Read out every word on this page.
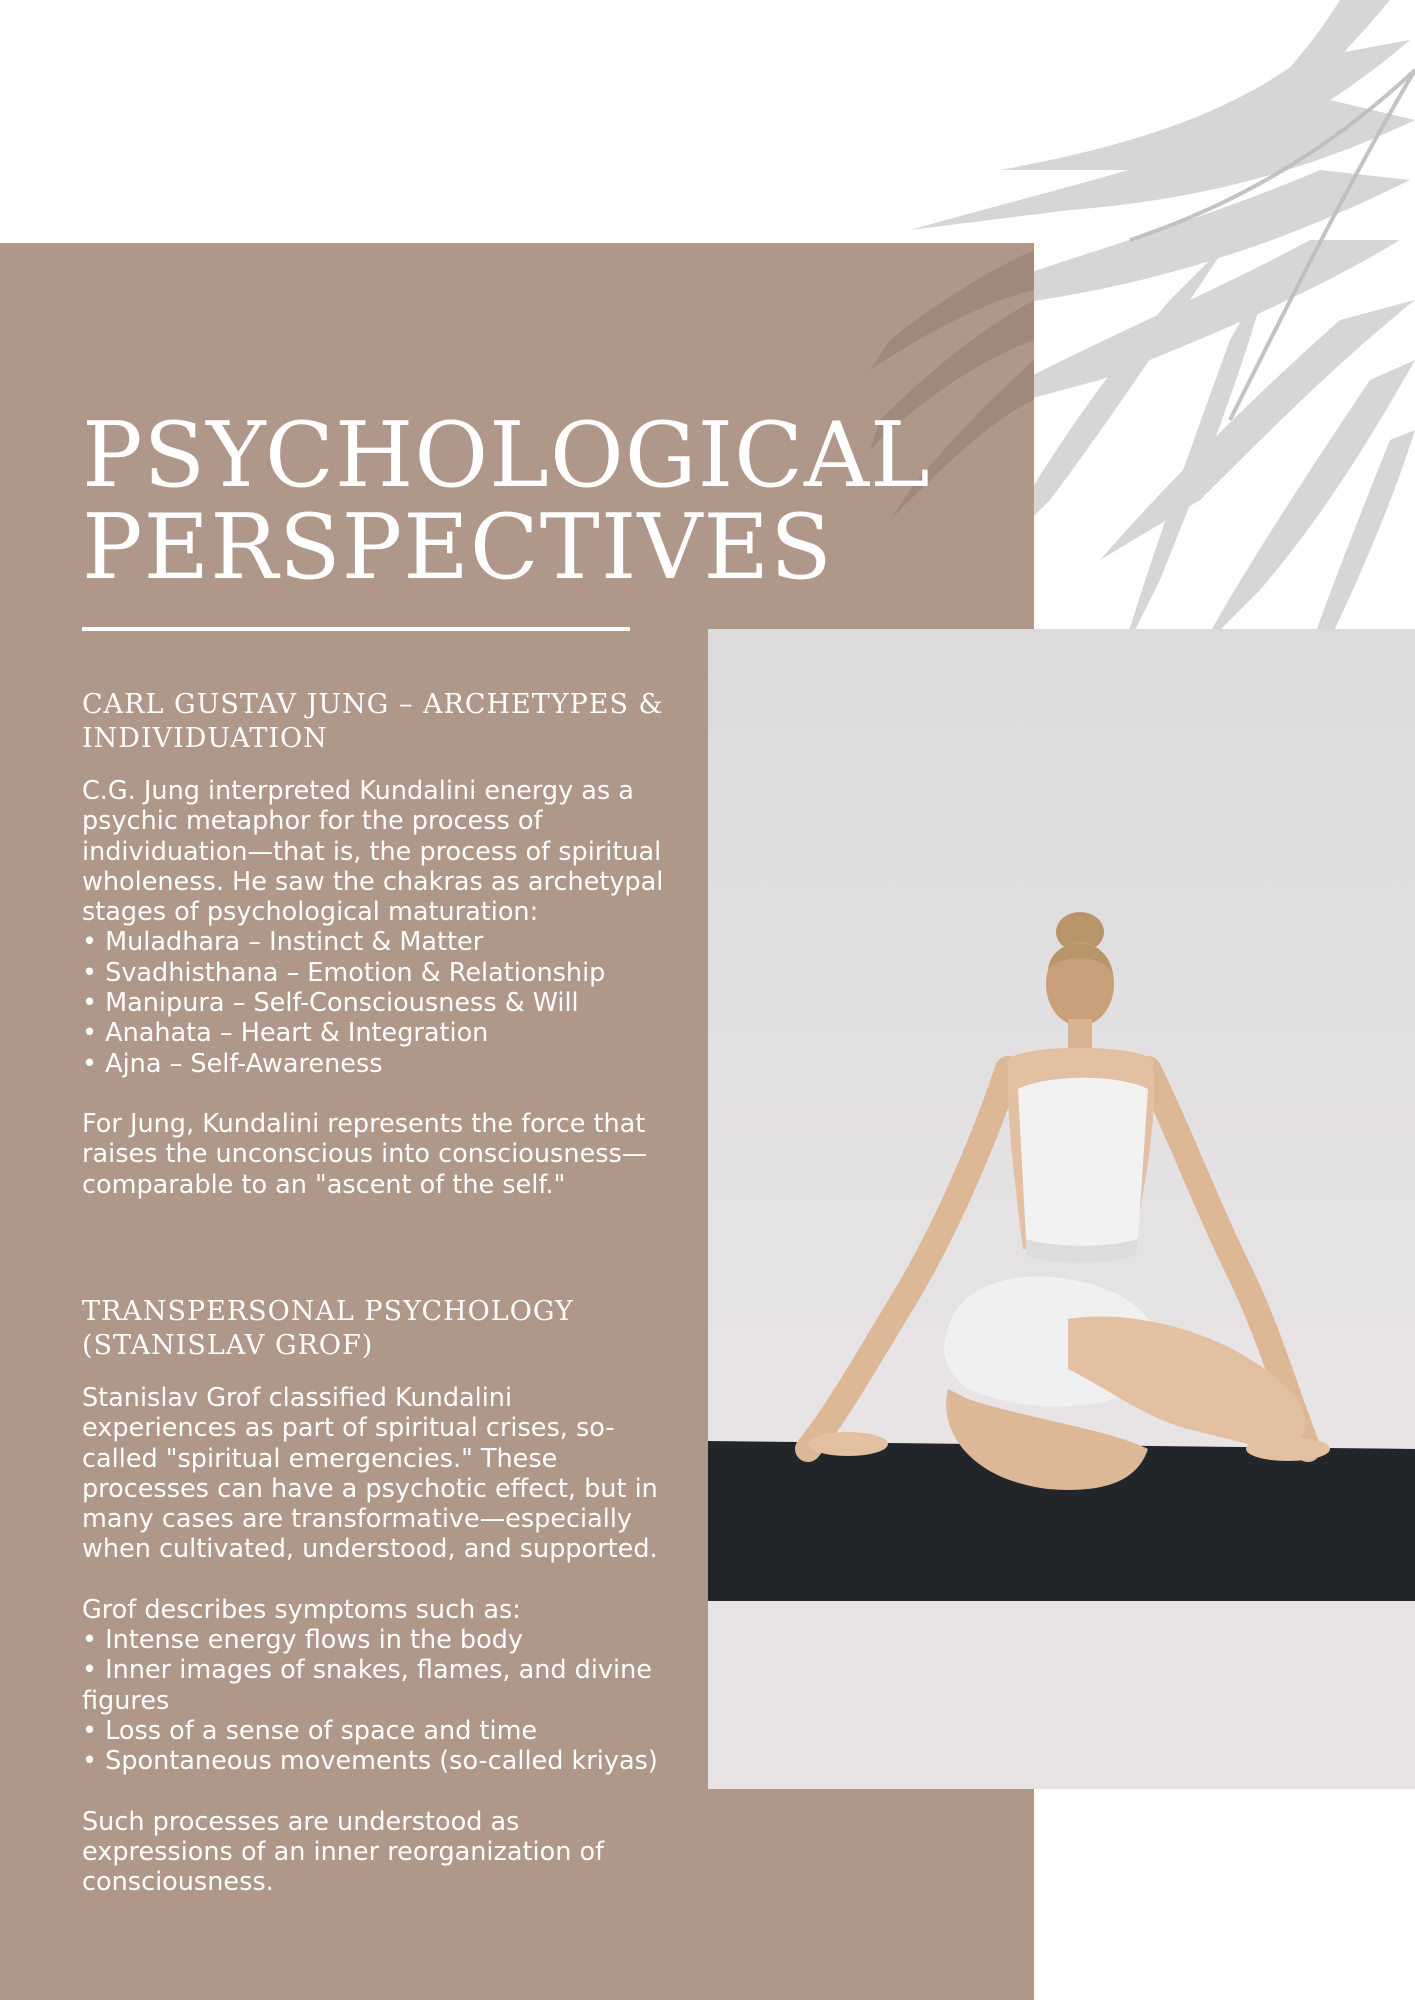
PSYCHOLOGICAL
PERSPECTIVES
CARL GUSTAV JUNG – ARCHETYPES &
INDIVIDUATION
C.G. Jung interpreted Kundalini energy as a
psychic metaphor for the process of
individuation—that is, the process of spiritual
wholeness. He saw the chakras as archetypal
stages of psychological maturation:
• Muladhara – Instinct & Matter
• Svadhisthana – Emotion & Relationship
• Manipura – Self-Consciousness & Will
• Anahata – Heart & Integration
• Ajna – Self-Awareness
For Jung, Kundalini represents the force that
raises the unconscious into consciousness—
comparable to an "ascent of the self."
TRANSPERSONAL PSYCHOLOGY
(STANISLAV GROF)
Stanislav Grof classified Kundalini
experiences as part of spiritual crises, so-
called "spiritual emergencies." These
processes can have a psychotic effect, but in
many cases are transformative—especially
when cultivated, understood, and supported.
Grof describes symptoms such as:
• Intense energy flows in the body
• Inner images of snakes, flames, and divine
figures
• Loss of a sense of space and time
• Spontaneous movements (so-called kriyas)
Such processes are understood as
expressions of an inner reorganization of
consciousness.
